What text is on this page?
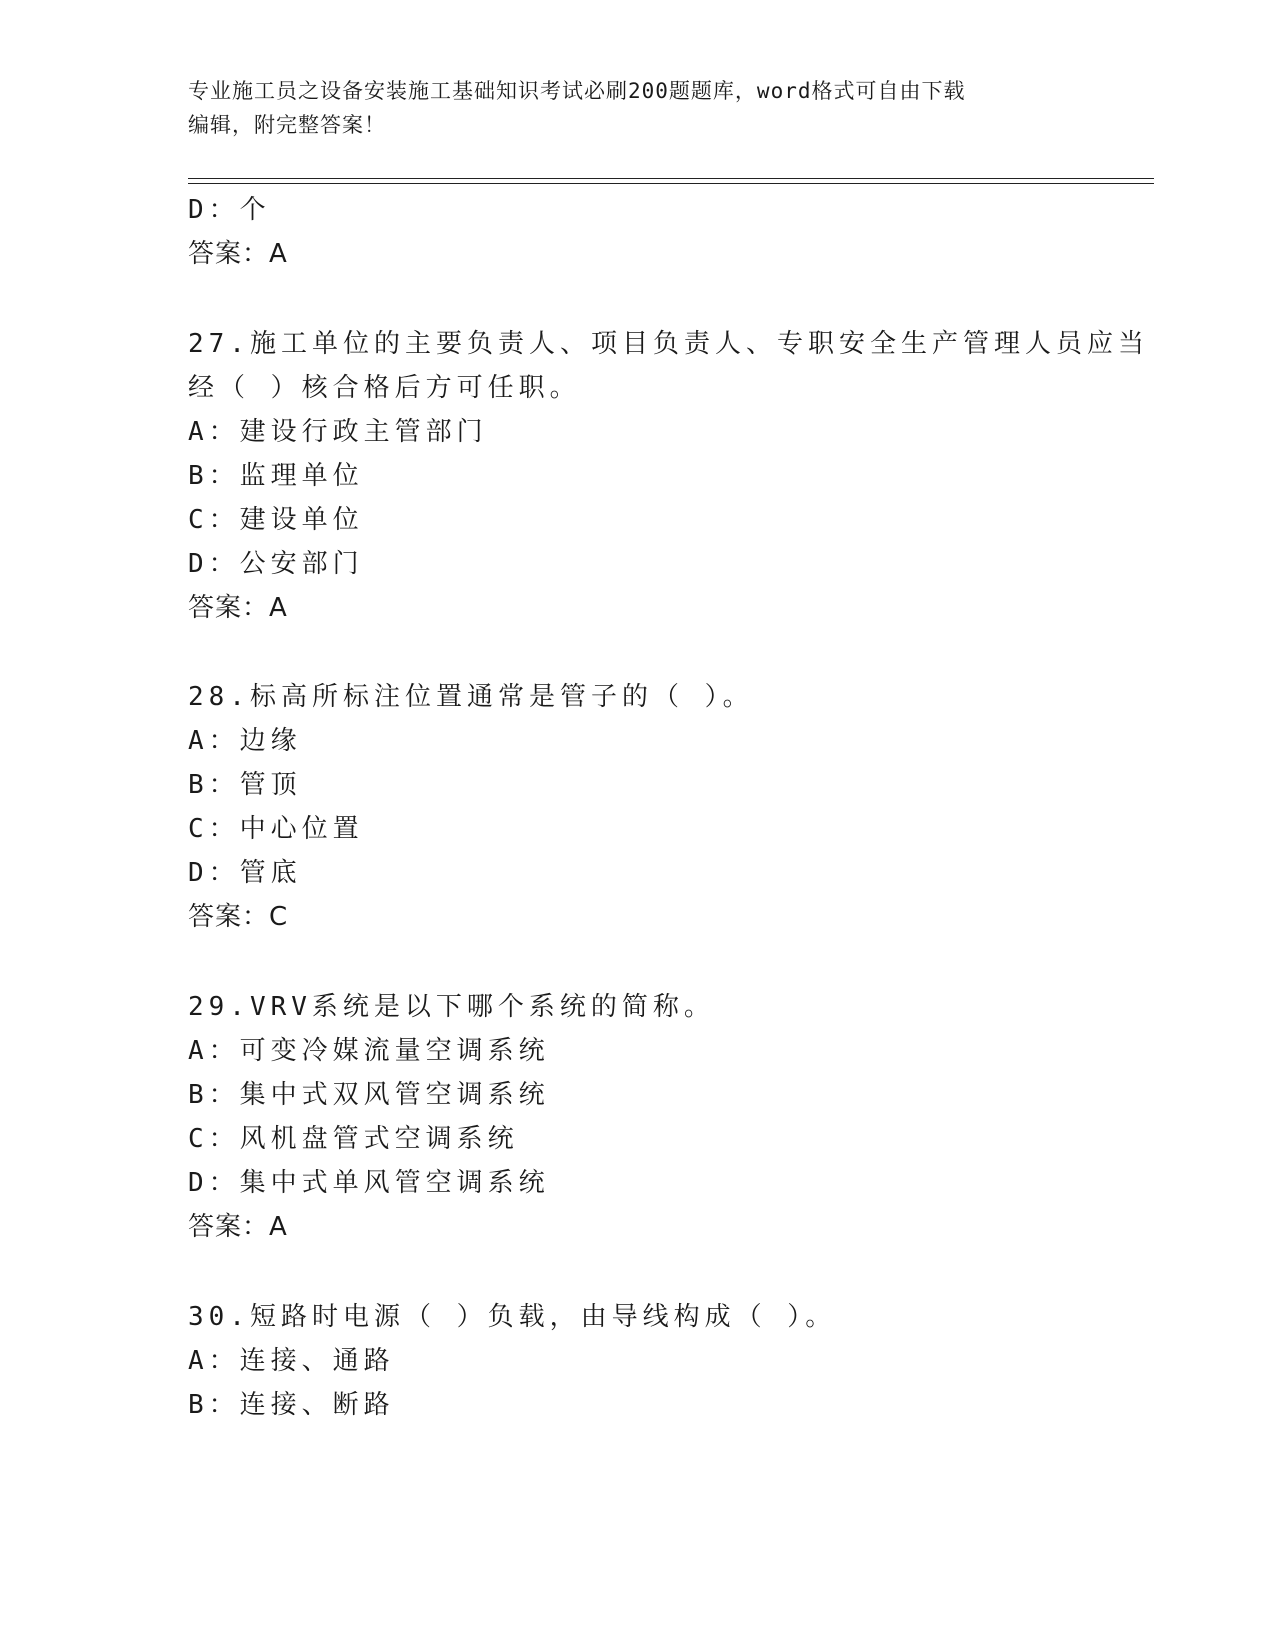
专业施工员之设备安装施工基础知识考试必刷200题题库，word格式可自由下载
编辑，附完整答案！
D：个
答案：A
27.施工单位的主要负责人、项目负责人、专职安全生产管理人员应当
经（ ）核合格后方可任职。
A：建设行政主管部门
B：监理单位
C：建设单位
D：公安部门
答案：A
28.标高所标注位置通常是管子的（ ）。
A：边缘
B：管顶
C：中心位置
D：管底
答案：C
29.VRV系统是以下哪个系统的简称。
A：可变冷媒流量空调系统
B：集中式双风管空调系统
C：风机盘管式空调系统
D：集中式单风管空调系统
答案：A
30.短路时电源（ ）负载，由导线构成（ ）。
A：连接、通路
B：连接、断路
